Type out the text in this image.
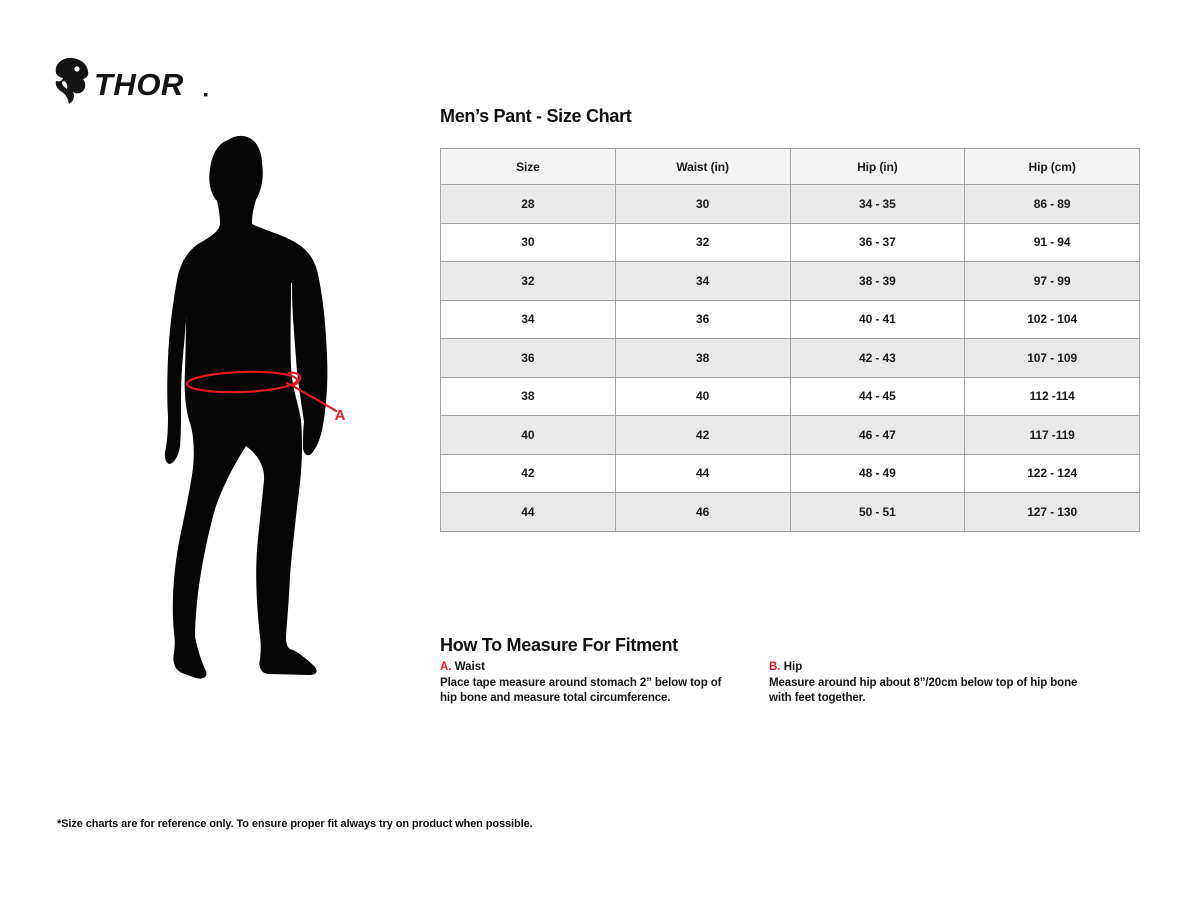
THOR
A
Men’s Pant - Size Chart
Size	Waist (in)	Hip (in)	Hip (cm)
28	30	34 - 35	86 - 89
30	32	36 - 37	91 - 94
32	34	38 - 39	97 - 99
34	36	40 - 41	102 - 104
36	38	42 - 43	107 - 109
38	40	44 - 45	112 -114
40	42	46 - 47	117 -119
42	44	48 - 49	122 - 124
44	46	50 - 51	127 - 130
How To Measure For Fitment
A. Waist
Place tape measure around stomach 2” below top of hip bone and measure total circumference.
B. Hip
Measure around hip about 8”/20cm below top of hip bone with feet together.
*Size charts are for reference only. To ensure proper fit always try on product when possible.
